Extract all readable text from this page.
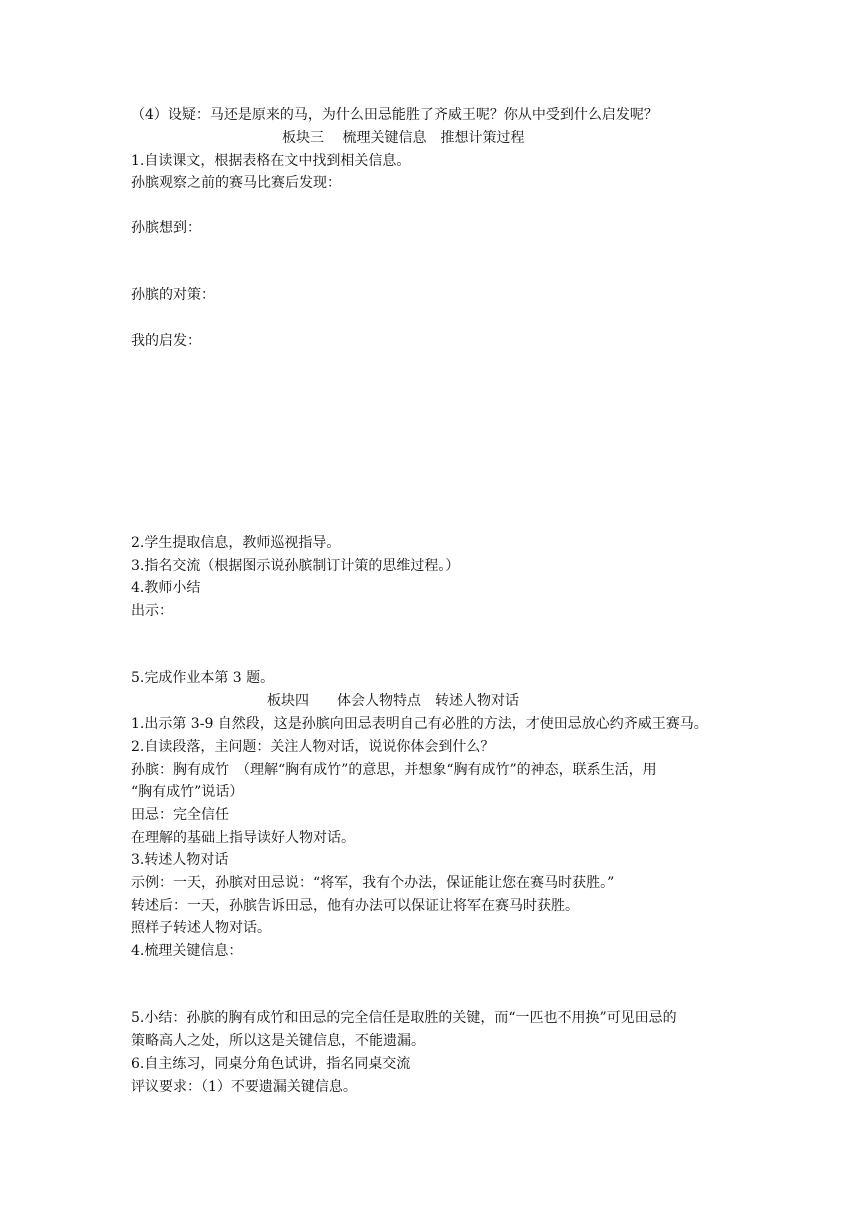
（4）设疑：马还是原来的马，为什么田忌能胜了齐威王呢？你从中受到什么启发呢？
板块三　 梳理关键信息　推想计策过程
1.自读课文，根据表格在文中找到相关信息。
孙膑观察之前的赛马比赛后发现：
孙膑想到：
孙膑的对策：
我的启发：
2.学生提取信息，教师巡视指导。
3.指名交流（根据图示说孙膑制订计策的思维过程。）
4.教师小结
出示：
5.完成作业本第 3 题。
板块四　　体会人物特点　转述人物对话
1.出示第 3-9 自然段，这是孙膑向田忌表明自己有必胜的方法，才使田忌放心约齐威王赛马。
2.自读段落，主问题：关注人物对话，说说你体会到什么？
孙膑：胸有成竹　（理解“胸有成竹”的意思，并想象“胸有成竹”的神态，联系生活，用
“胸有成竹”说话）
田忌：完全信任
在理解的基础上指导读好人物对话。
3.转述人物对话
示例：一天，孙膑对田忌说：“将军，我有个办法，保证能让您在赛马时获胜。”
转述后：一天，孙膑告诉田忌，他有办法可以保证让将军在赛马时获胜。
照样子转述人物对话。
4.梳理关键信息：
5.小结：孙膑的胸有成竹和田忌的完全信任是取胜的关键，而“一匹也不用换”可见田忌的
策略高人之处，所以这是关键信息，不能遗漏。
6.自主练习，同桌分角色试讲，指名同桌交流
评议要求：（1）不要遗漏关键信息。
